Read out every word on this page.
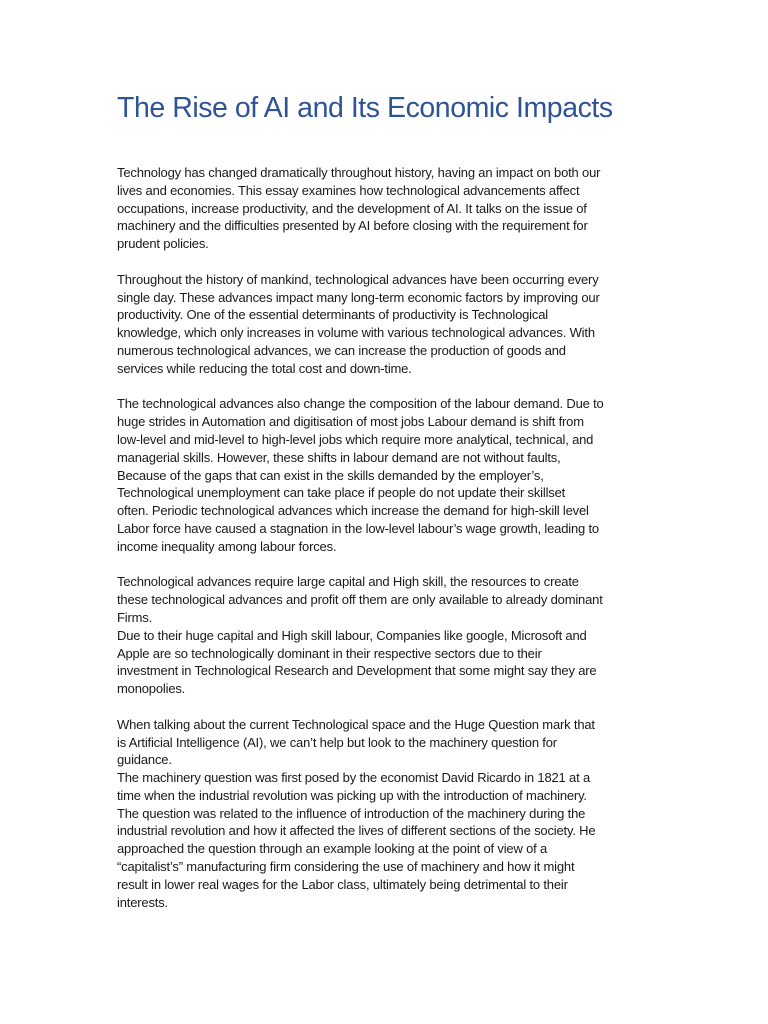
The Rise of AI and Its Economic Impacts
Technology has changed dramatically throughout history, having an impact on both our
lives and economies. This essay examines how technological advancements affect
occupations, increase productivity, and the development of AI. It talks on the issue of
machinery and the difficulties presented by AI before closing with the requirement for
prudent policies.
Throughout the history of mankind, technological advances have been occurring every
single day. These advances impact many long-term economic factors by improving our
productivity. One of the essential determinants of productivity is Technological
knowledge, which only increases in volume with various technological advances. With
numerous technological advances, we can increase the production of goods and
services while reducing the total cost and down-time.
The technological advances also change the composition of the labour demand. Due to
huge strides in Automation and digitisation of most jobs Labour demand is shift from
low-level and mid-level to high-level jobs which require more analytical, technical, and
managerial skills. However, these shifts in labour demand are not without faults,
Because of the gaps that can exist in the skills demanded by the employer’s,
Technological unemployment can take place if people do not update their skillset
often. Periodic technological advances which increase the demand for high-skill level
Labor force have caused a stagnation in the low-level labour’s wage growth, leading to
income inequality among labour forces.
Technological advances require large capital and High skill, the resources to create
these technological advances and profit off them are only available to already dominant
Firms.
Due to their huge capital and High skill labour, Companies like google, Microsoft and
Apple are so technologically dominant in their respective sectors due to their
investment in Technological Research and Development that some might say they are
monopolies.
When talking about the current Technological space and the Huge Question mark that
is Artificial Intelligence (AI), we can’t help but look to the machinery question for
guidance.
The machinery question was first posed by the economist David Ricardo in 1821 at a
time when the industrial revolution was picking up with the introduction of machinery.
The question was related to the influence of introduction of the machinery during the
industrial revolution and how it affected the lives of different sections of the society. He
approached the question through an example looking at the point of view of a
“capitalist’s” manufacturing firm considering the use of machinery and how it might
result in lower real wages for the Labor class, ultimately being detrimental to their
interests.
